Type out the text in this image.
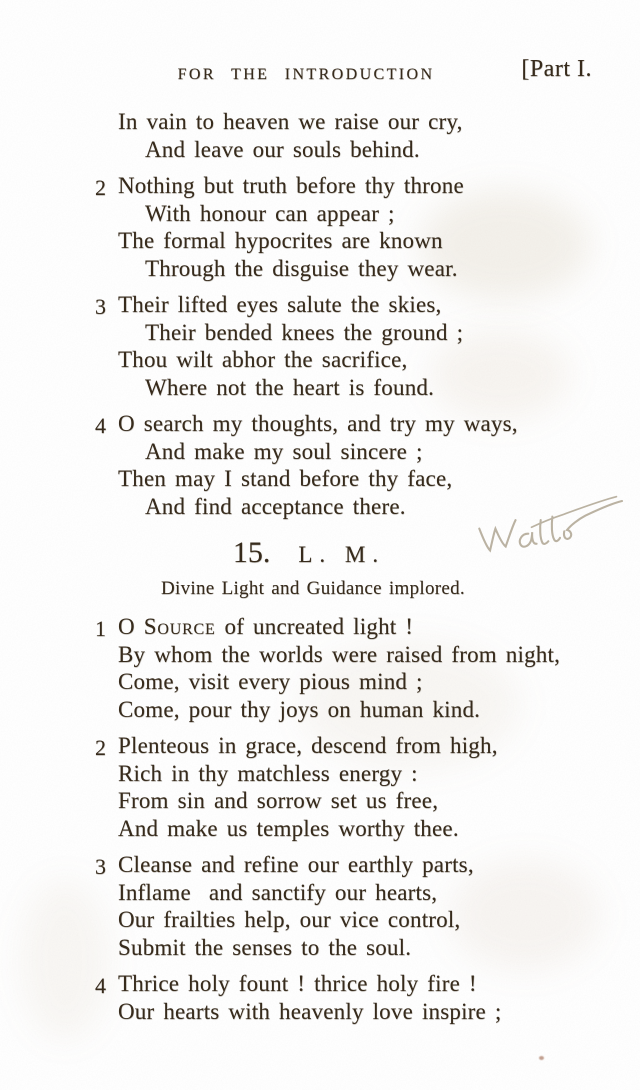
FOR THE INTRODUCTION	[Part I.
In vain to heaven we raise our cry,
And leave our souls behind.
2 Nothing but truth before thy throne
With honour can appear ;
The formal hypocrites are known
Through the disguise they wear.
3 Their lifted eyes salute the skies,
Their bended knees the ground ;
Thou wilt abhor the sacrifice,
Where not the heart is found.
4 O search my thoughts, and try my ways,
And make my soul sincere ;
Then may I stand before thy face,
And find acceptance there.
15. L. M.
Divine Light and Guidance implored.
1 O Source of uncreated light !
By whom the worlds were raised from night,
Come, visit every pious mind ;
Come, pour thy joys on human kind.
2 Plenteous in grace, descend from high,
Rich in thy matchless energy :
From sin and sorrow set us free,
And make us temples worthy thee.
3 Cleanse and refine our earthly parts,
Inflame  and sanctify our hearts,
Our frailties help, our vice control,
Submit the senses to the soul.
4 Thrice holy fount ! thrice holy fire !
Our hearts with heavenly love inspire ;
